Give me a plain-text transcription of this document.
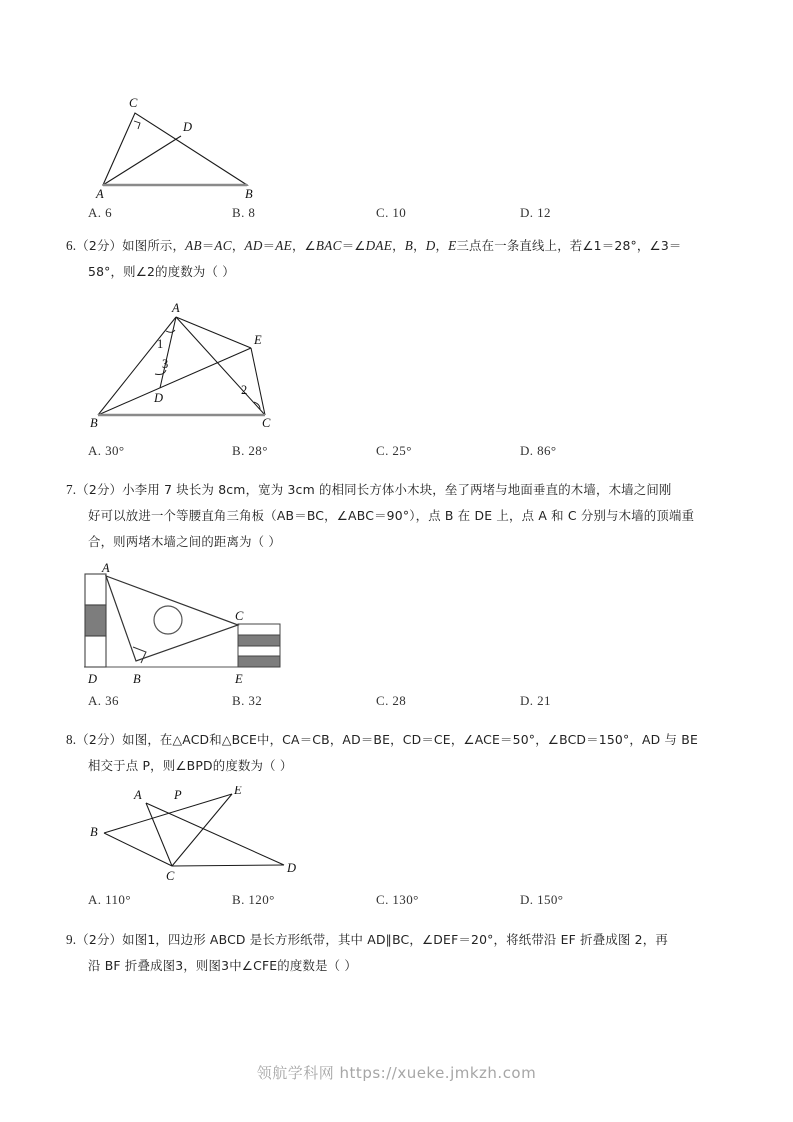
C
D
A	B
A. 6	B. 8	C. 10	D. 12
6.（2分）如图所示，AB＝AC，AD＝AE，∠BAC＝∠DAE，B，D，E三点在一条直线上，若∠1＝28°，∠3＝
58°，则∠2的度数为（ ）
A
E
D
B	C
1
3
2
A. 30°	B. 28°	C. 25°	D. 86°
7.（2分）小李用 7 块长为 8cm，宽为 3cm 的相同长方体小木块，垒了两堵与地面垂直的木墙，木墙之间刚
好可以放进一个等腰直角三角板（AB＝BC，∠ABC＝90°），点 B 在 DE 上，点 A 和 C 分别与木墙的顶端重
合，则两堵木墙之间的距离为（ ）
A
C
D	B	E
A. 36	B. 32	C. 28	D. 21
8.（2分）如图，在△ACD和△BCE中，CA＝CB，AD＝BE，CD＝CE，∠ACE＝50°，∠BCD＝150°，AD 与 BE
相交于点 P，则∠BPD的度数为（ ）
A	P	E
B
C
D
A. 110°	B. 120°	C. 130°	D. 150°
9.（2分）如图1，四边形 ABCD 是长方形纸带，其中 AD∥BC，∠DEF＝20°，将纸带沿 EF 折叠成图 2，再
沿 BF 折叠成图3，则图3中∠CFE的度数是（ ）
领航学科网 https://xueke.jmkzh.com
